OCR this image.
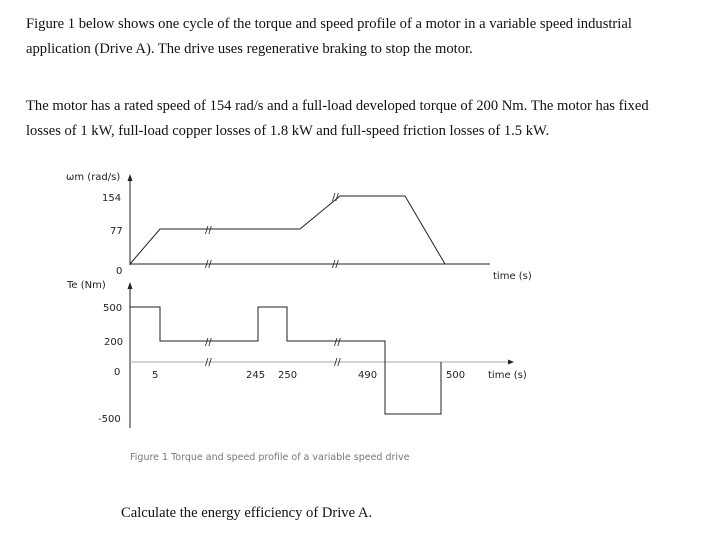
Figure 1 below shows one cycle of the torque and speed profile of a motor in a variable speed industrial application (Drive A). The drive uses regenerative braking to stop the motor.

The motor has a rated speed of 154 rad/s and a full-load developed torque of 200 Nm. The motor has fixed losses of 1 kW, full-load copper losses of 1.8 kW and full-speed friction losses of 1.5 kW.

ωm (rad/s)
time (s)
154
77
0
//
//
//	//
Te (Nm)
time (s)
500
200
0
-500
5	245 250	490	500
//	//
//	//
Figure 1 Torque and speed profile of a variable speed drive

Calculate the energy efficiency of Drive A.
